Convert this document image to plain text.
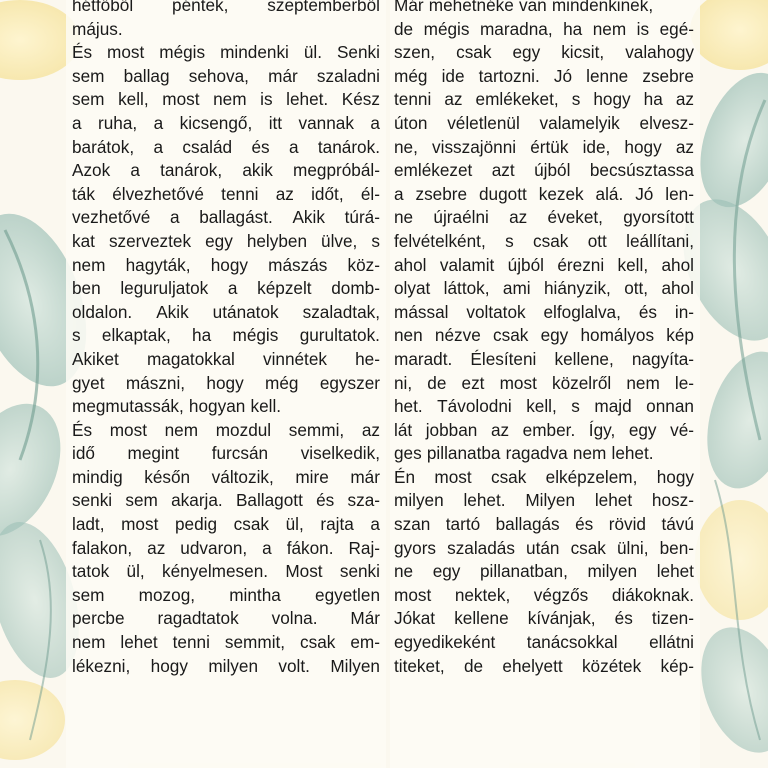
hétfőből péntek, szeptemberből
május.
És most mégis mindenki ül. Senki
sem ballag sehova, már szaladni
sem kell, most nem is lehet. Kész
a ruha, a kicsengő, itt vannak a
barátok, a család és a tanárok.
Azok a tanárok, akik megpróbál-
ták élvezhetővé tenni az időt, él-
vezhetővé a ballagást. Akik túrá-
kat szerveztek egy helyben ülve, s
nem hagyták, hogy mászás köz-
ben leguruljatok a képzelt domb-
oldalon. Akik utánatok szaladtak,
s elkaptak, ha mégis gurultatok.
Akiket magatokkal vinnétek he-
gyet mászni, hogy még egyszer
megmutassák, hogyan kell.
És most nem mozdul semmi, az
idő megint furcsán viselkedik,
mindig későn változik, mire már
senki sem akarja. Ballagott és sza-
ladt, most pedig csak ül, rajta a
falakon, az udvaron, a fákon. Raj-
tatok ül, kényelmesen. Most senki
sem mozog, mintha egyetlen
percbe ragadtatok volna. Már
nem lehet tenni semmit, csak em-
lékezni, hogy milyen volt. Milyen
Már mehetnéke van mindenkinek,
de mégis maradna, ha nem is egé-
szen, csak egy kicsit, valahogy
még ide tartozni. Jó lenne zsebre
tenni az emlékeket, s hogy ha az
úton véletlenül valamelyik elvesz-
ne, visszajönni értük ide, hogy az
emlékezet azt újból becsúsztassa
a zsebre dugott kezek alá. Jó len-
ne újraélni az éveket, gyorsított
felvételként, s csak ott leállítani,
ahol valamit újból érezni kell, ahol
olyat láttok, ami hiányzik, ott, ahol
mással voltatok elfoglalva, és in-
nen nézve csak egy homályos kép
maradt. Élesíteni kellene, nagyíta-
ni, de ezt most közelről nem le-
het. Távolodni kell, s majd onnan
lát jobban az ember. Így, egy vé-
ges pillanatba ragadva nem lehet.
Én most csak elképzelem, hogy
milyen lehet. Milyen lehet hosz-
szan tartó ballagás és rövid távú
gyors szaladás után csak ülni, ben-
ne egy pillanatban, milyen lehet
most nektek, végzős diákoknak.
Jókat kellene kívánjak, és tizen-
egyedikeként tanácsokkal ellátni
titeket, de ehelyett közétek kép-
